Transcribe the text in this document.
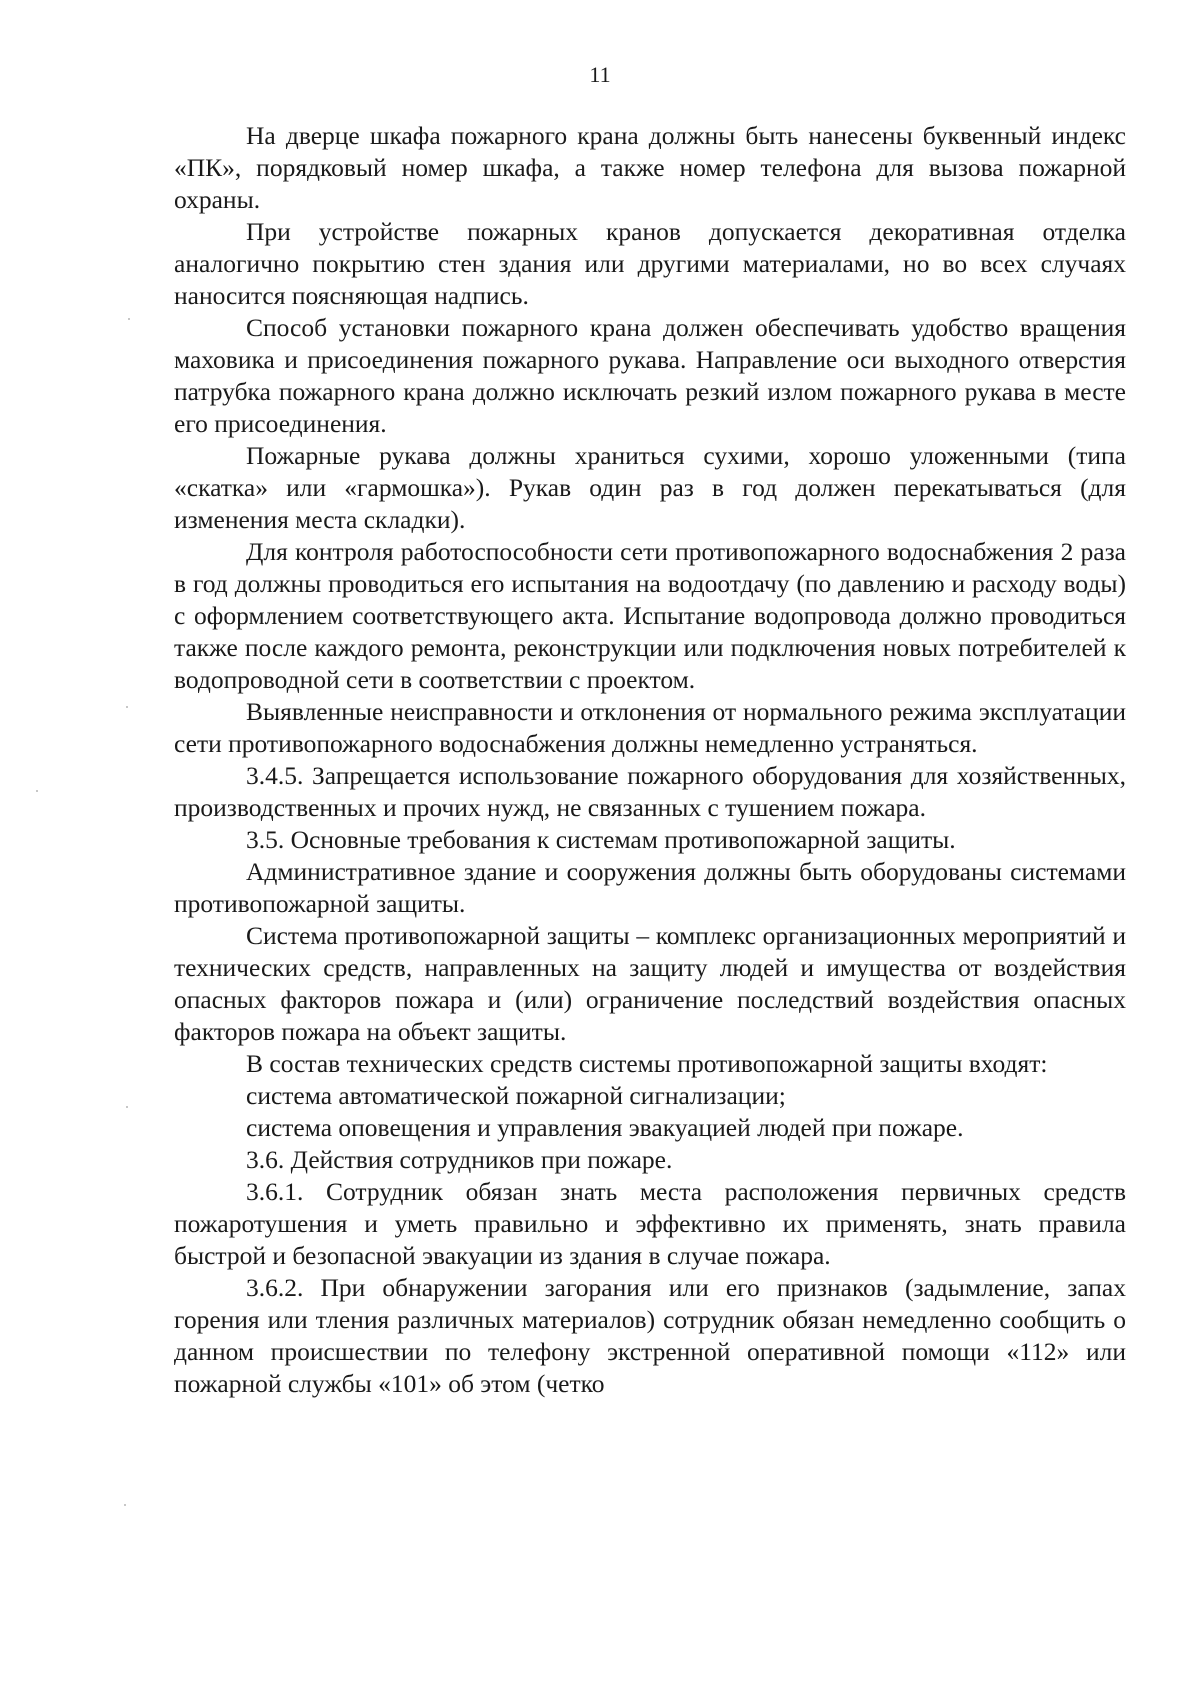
11

На дверце шкафа пожарного крана должны быть нанесены буквенный индекс «ПК», порядковый номер шкафа, а также номер телефона для вызова пожарной охраны.

При устройстве пожарных кранов допускается декоративная отделка аналогично покрытию стен здания или другими материалами, но во всех случаях наносится поясняющая надпись.

Способ установки пожарного крана должен обеспечивать удобство вращения маховика и присоединения пожарного рукава. Направление оси выходного отверстия патрубка пожарного крана должно исключать резкий излом пожарного рукава в месте его присоединения.

Пожарные рукава должны храниться сухими, хорошо уложенными (типа «скатка» или «гармошка»). Рукав один раз в год должен перекатываться (для изменения места складки).

Для контроля работоспособности сети противопожарного водоснабжения 2 раза в год должны проводиться его испытания на водоотдачу (по давлению и расходу воды) с оформлением соответствующего акта. Испытание водопровода должно проводиться также после каждого ремонта, реконструкции или подключения новых потребителей к водопроводной сети в соответствии с проектом.

Выявленные неисправности и отклонения от нормального режима эксплуатации сети противопожарного водоснабжения должны немедленно устраняться.

3.4.5. Запрещается использование пожарного оборудования для хозяйственных, производственных и прочих нужд, не связанных с тушением пожара.

3.5. Основные требования к системам противопожарной защиты.

Административное здание и сооружения должны быть оборудованы системами противопожарной защиты.

Система противопожарной защиты – комплекс организационных мероприятий и технических средств, направленных на защиту людей и имущества от воздействия опасных факторов пожара и (или) ограничение последствий воздействия опасных факторов пожара на объект защиты.

В состав технических средств системы противопожарной защиты входят:

система автоматической пожарной сигнализации;

система оповещения и управления эвакуацией людей при пожаре.

3.6. Действия сотрудников при пожаре.

3.6.1. Сотрудник обязан знать места расположения первичных средств пожаротушения и уметь правильно и эффективно их применять, знать правила быстрой и безопасной эвакуации из здания в случае пожара.

3.6.2. При обнаружении загорания или его признаков (задымление, запах горения или тления различных материалов) сотрудник обязан немедленно сообщить о данном происшествии по телефону экстренной оперативной помощи «112» или пожарной службы «101» об этом (четко
